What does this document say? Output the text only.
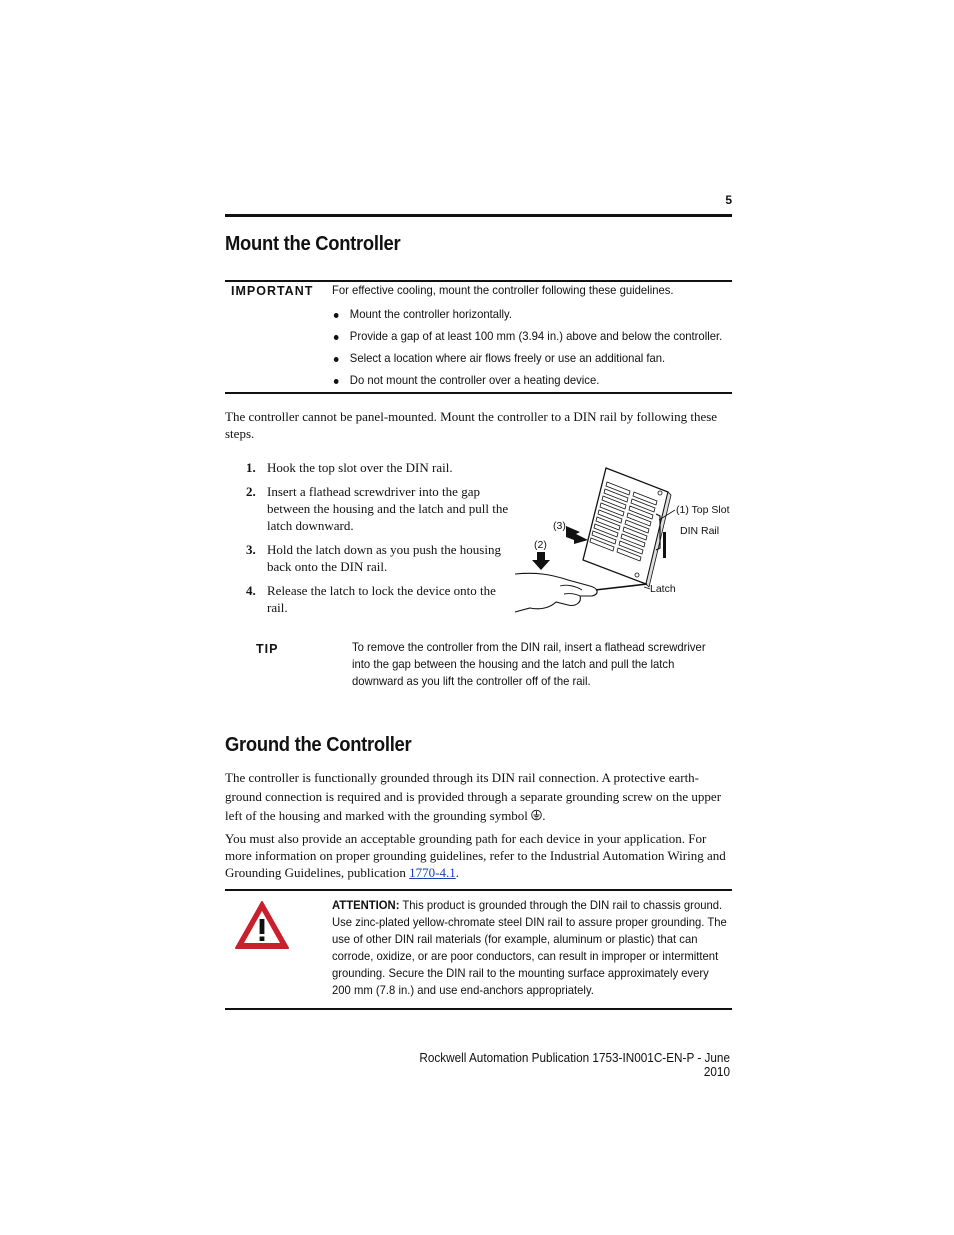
5
Mount the Controller
IMPORTANT For effective cooling, mount the controller following these guidelines.
Mount the controller horizontally.
Provide a gap of at least 100 mm (3.94 in.) above and below the controller.
Select a location where air flows freely or use an additional fan.
Do not mount the controller over a heating device.
The controller cannot be panel-mounted. Mount the controller to a DIN rail by following these steps.
1. Hook the top slot over the DIN rail.
2. Insert a flathead screwdriver into the gap between the housing and the latch and pull the latch downward.
3. Hold the latch down as you push the housing back onto the DIN rail.
4. Release the latch to lock the device onto the rail.
(1) Top Slot
DIN Rail
Latch
(3)
(2)
TIP	To remove the controller from the DIN rail, insert a flathead screwdriver into the gap between the housing and the latch and pull the latch downward as you lift the controller off of the rail.
Ground the Controller
The controller is functionally grounded through its DIN rail connection. A protective earth-ground connection is required and is provided through a separate grounding screw on the upper left of the housing and marked with the grounding symbol .
You must also provide an acceptable grounding path for each device in your application. For more information on proper grounding guidelines, refer to the Industrial Automation Wiring and Grounding Guidelines, publication 1770-4.1.
ATTENTION: This product is grounded through the DIN rail to chassis ground. Use zinc-plated yellow-chromate steel DIN rail to assure proper grounding. The use of other DIN rail materials (for example, aluminum or plastic) that can corrode, oxidize, or are poor conductors, can result in improper or intermittent grounding. Secure the DIN rail to the mounting surface approximately every 200 mm (7.8 in.) and use end-anchors appropriately.
Rockwell Automation Publication 1753-IN001C-EN-P - June 2010
